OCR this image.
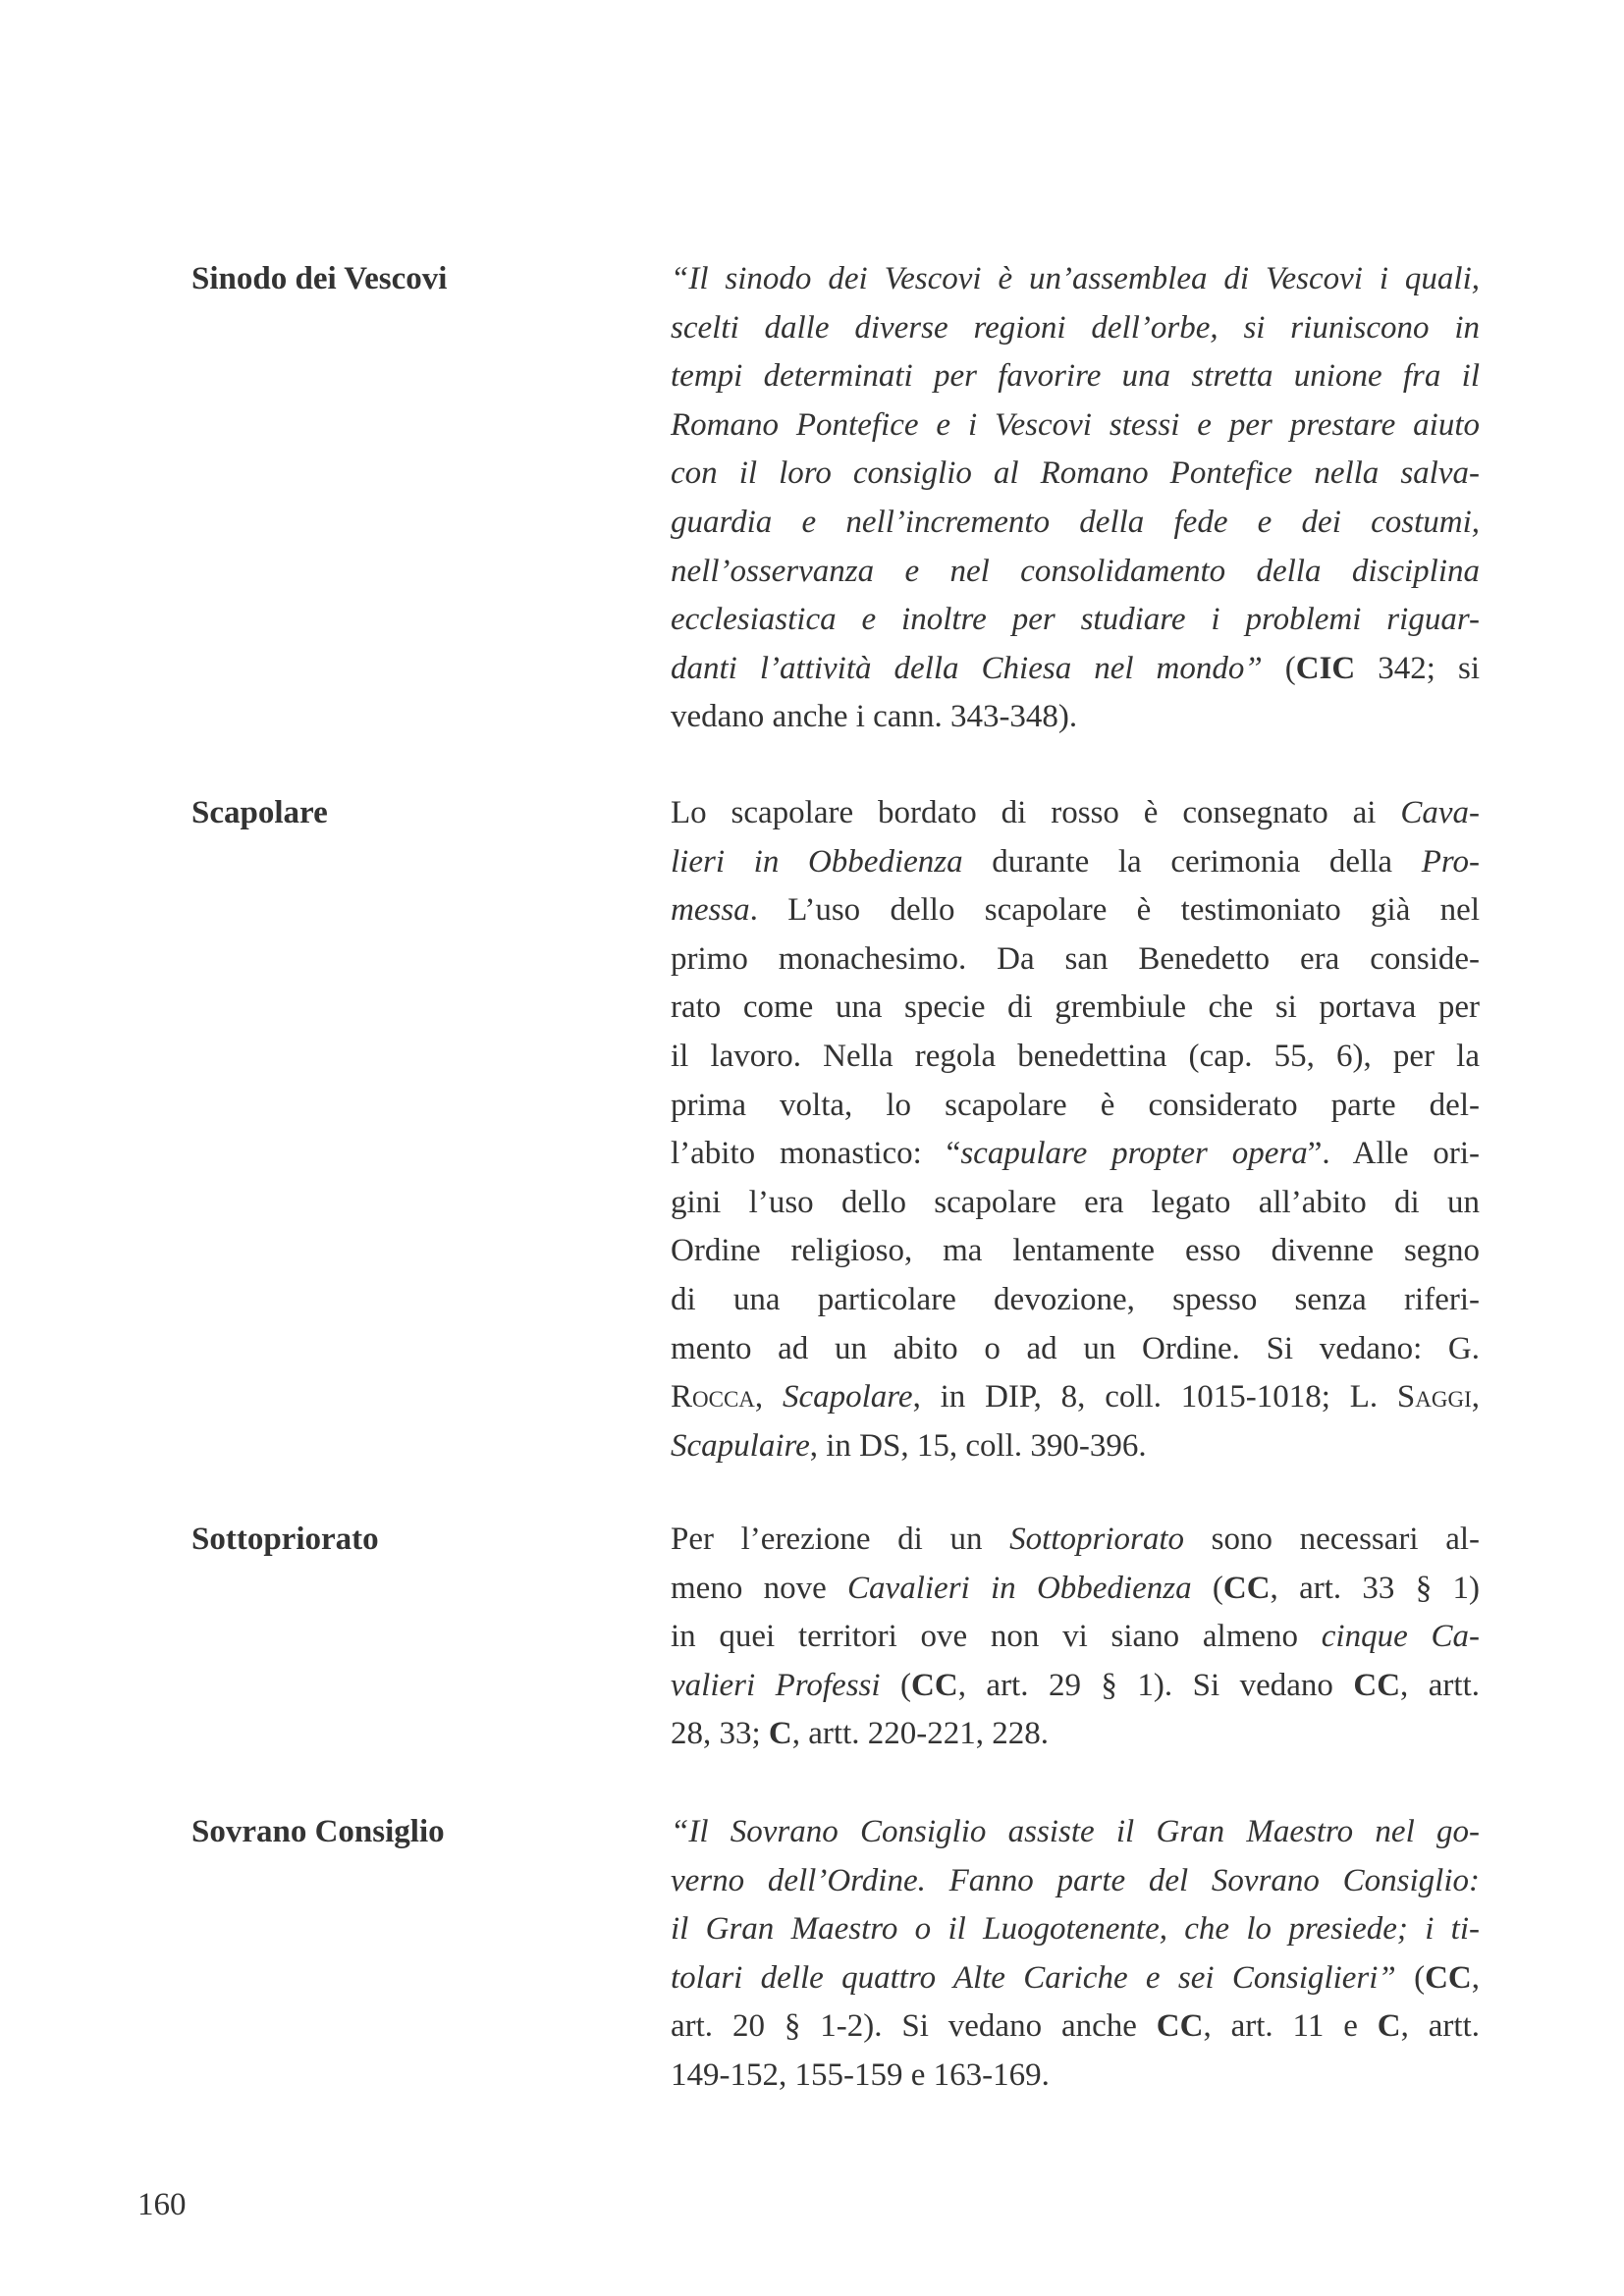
Sinodo dei Vescovi	“Il sinodo dei Vescovi è un’assemblea di Vescovi i quali,
scelti dalle diverse regioni dell’orbe, si riuniscono in
tempi determinati per favorire una stretta unione fra il
Romano Pontefice e i Vescovi stessi e per prestare aiuto
con il loro consiglio al Romano Pontefice nella salva-
guardia e nell’incremento della fede e dei costumi,
nell’osservanza e nel consolidamento della disciplina
ecclesiastica e inoltre per studiare i problemi riguar-
danti l’attività della Chiesa nel mondo” (CIC 342; si
vedano anche i cann. 343-348).
Scapolare	Lo scapolare bordato di rosso è consegnato ai Cava-
lieri in Obbedienza durante la cerimonia della Pro-
messa. L’uso dello scapolare è testimoniato già nel
primo monachesimo. Da san Benedetto era conside-
rato come una specie di grembiule che si portava per
il lavoro. Nella regola benedettina (cap. 55, 6), per la
prima volta, lo scapolare è considerato parte del-
l’abito monastico: “scapulare propter opera”. Alle ori-
gini l’uso dello scapolare era legato all’abito di un
Ordine religioso, ma lentamente esso divenne segno
di una particolare devozione, spesso senza riferi-
mento ad un abito o ad un Ordine. Si vedano: G.
Rocca, Scapolare, in DIP, 8, coll. 1015-1018; L. Saggi,
Scapulaire, in DS, 15, coll. 390-396.
Sottopriorato	Per l’erezione di un Sottopriorato sono necessari al-
meno nove Cavalieri in Obbedienza (CC, art. 33 § 1)
in quei territori ove non vi siano almeno cinque Ca-
valieri Professi (CC, art. 29 § 1). Si vedano CC, artt.
28, 33; C, artt. 220-221, 228.
Sovrano Consiglio	“Il Sovrano Consiglio assiste il Gran Maestro nel go-
verno dell’Ordine. Fanno parte del Sovrano Consiglio:
il Gran Maestro o il Luogotenente, che lo presiede; i ti-
tolari delle quattro Alte Cariche e sei Consiglieri” (CC,
art. 20 § 1-2). Si vedano anche CC, art. 11 e C, artt.
149-152, 155-159 e 163-169.
160
